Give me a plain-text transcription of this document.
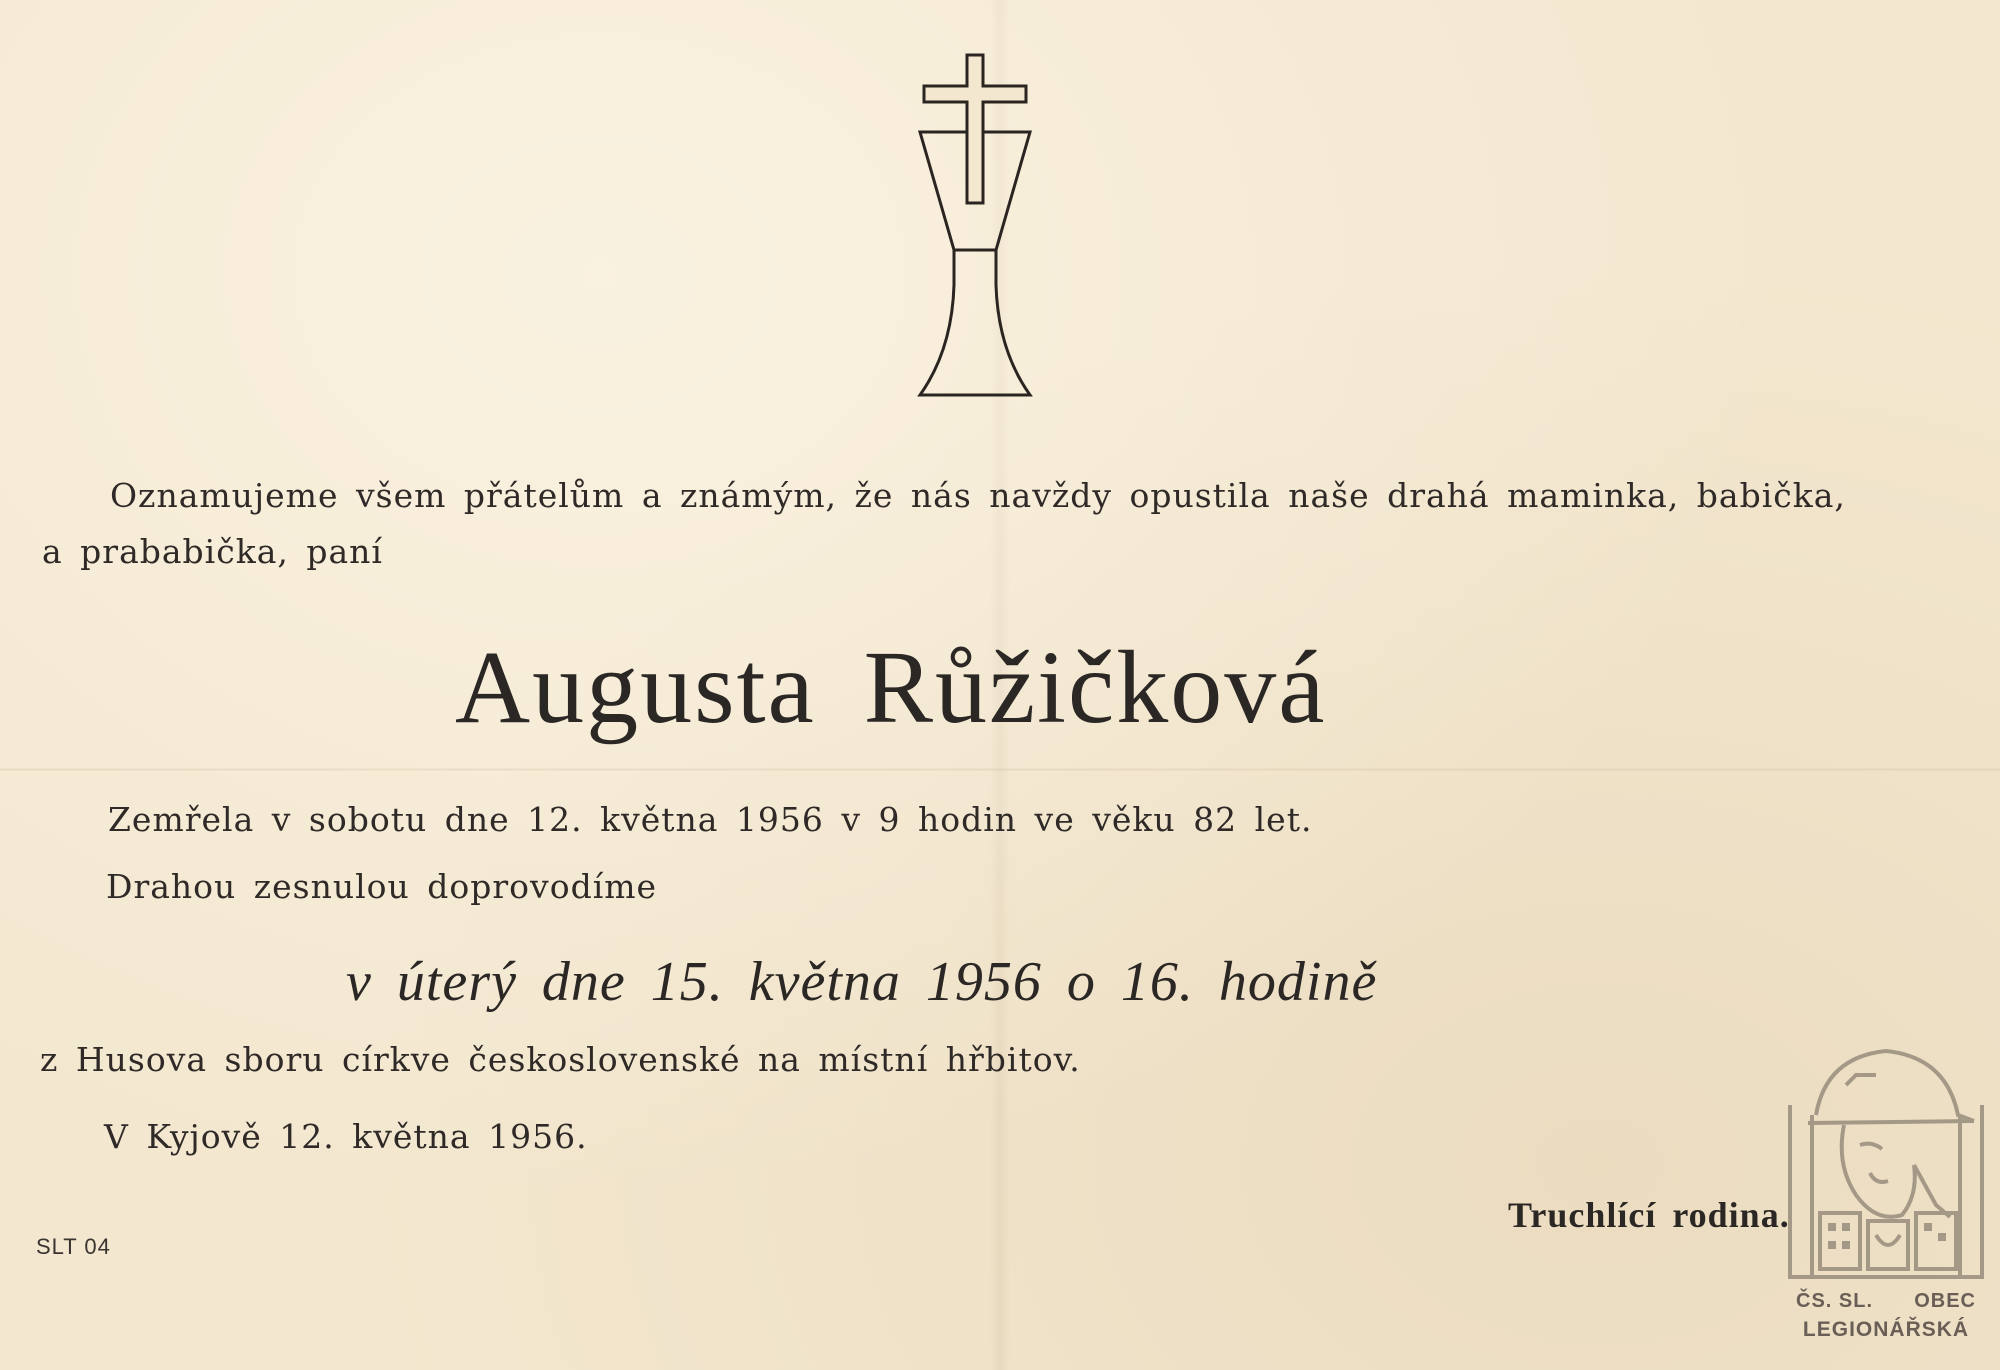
Oznamujeme všem přátelům a známým, že nás navždy opustila naše drahá maminka, babička,
a prababička, paní
Augusta Růžičková
Zemřela v sobotu dne 12. května 1956 v 9 hodin ve věku 82 let.
Drahou zesnulou doprovodíme
v úterý dne 15. května 1956 o 16. hodině
z Husova sboru církve československé na místní hřbitov.
V Kyjově 12. května 1956.
Truchlící rodina.
SLT 04
ČS. SL. OBEC
LEGIONÁŘSKÁ
